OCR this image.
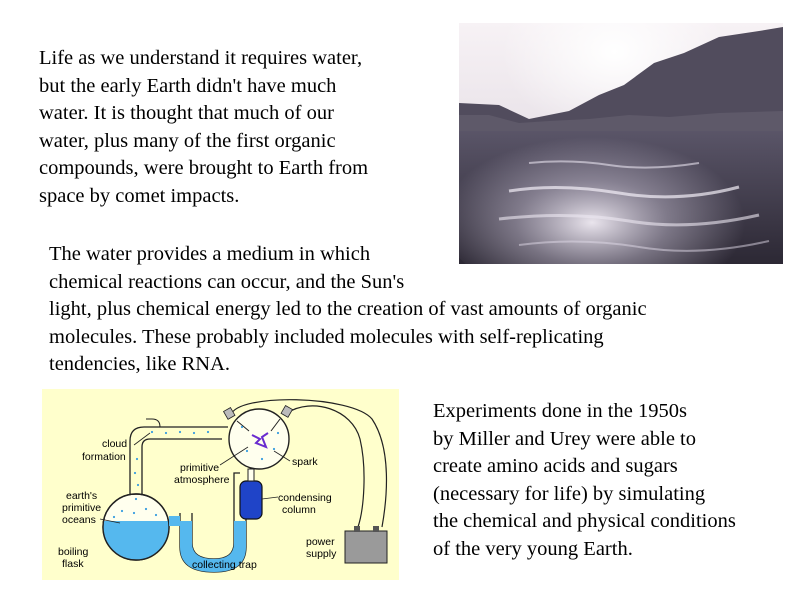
Life as we understand it requires water,
but the early Earth didn't have much
water. It is thought that much of our
water, plus many of the first organic
compounds, were brought to Earth from
space by comet impacts.
The water provides a medium in which
chemical reactions can occur, and the Sun's
light, plus chemical energy led to the creation of vast amounts of organic
molecules. These probably included molecules with self-replicating
tendencies, like RNA.
cloud
formation	spark
primitive
atmosphere
condensing
column
earth's
primitive
oceans
power
supply
boiling
flask	collecting trap
Experiments done in the 1950s
by Miller and Urey were able to
create amino acids and sugars
(necessary for life) by simulating
the chemical and physical conditions
of the very young Earth.
